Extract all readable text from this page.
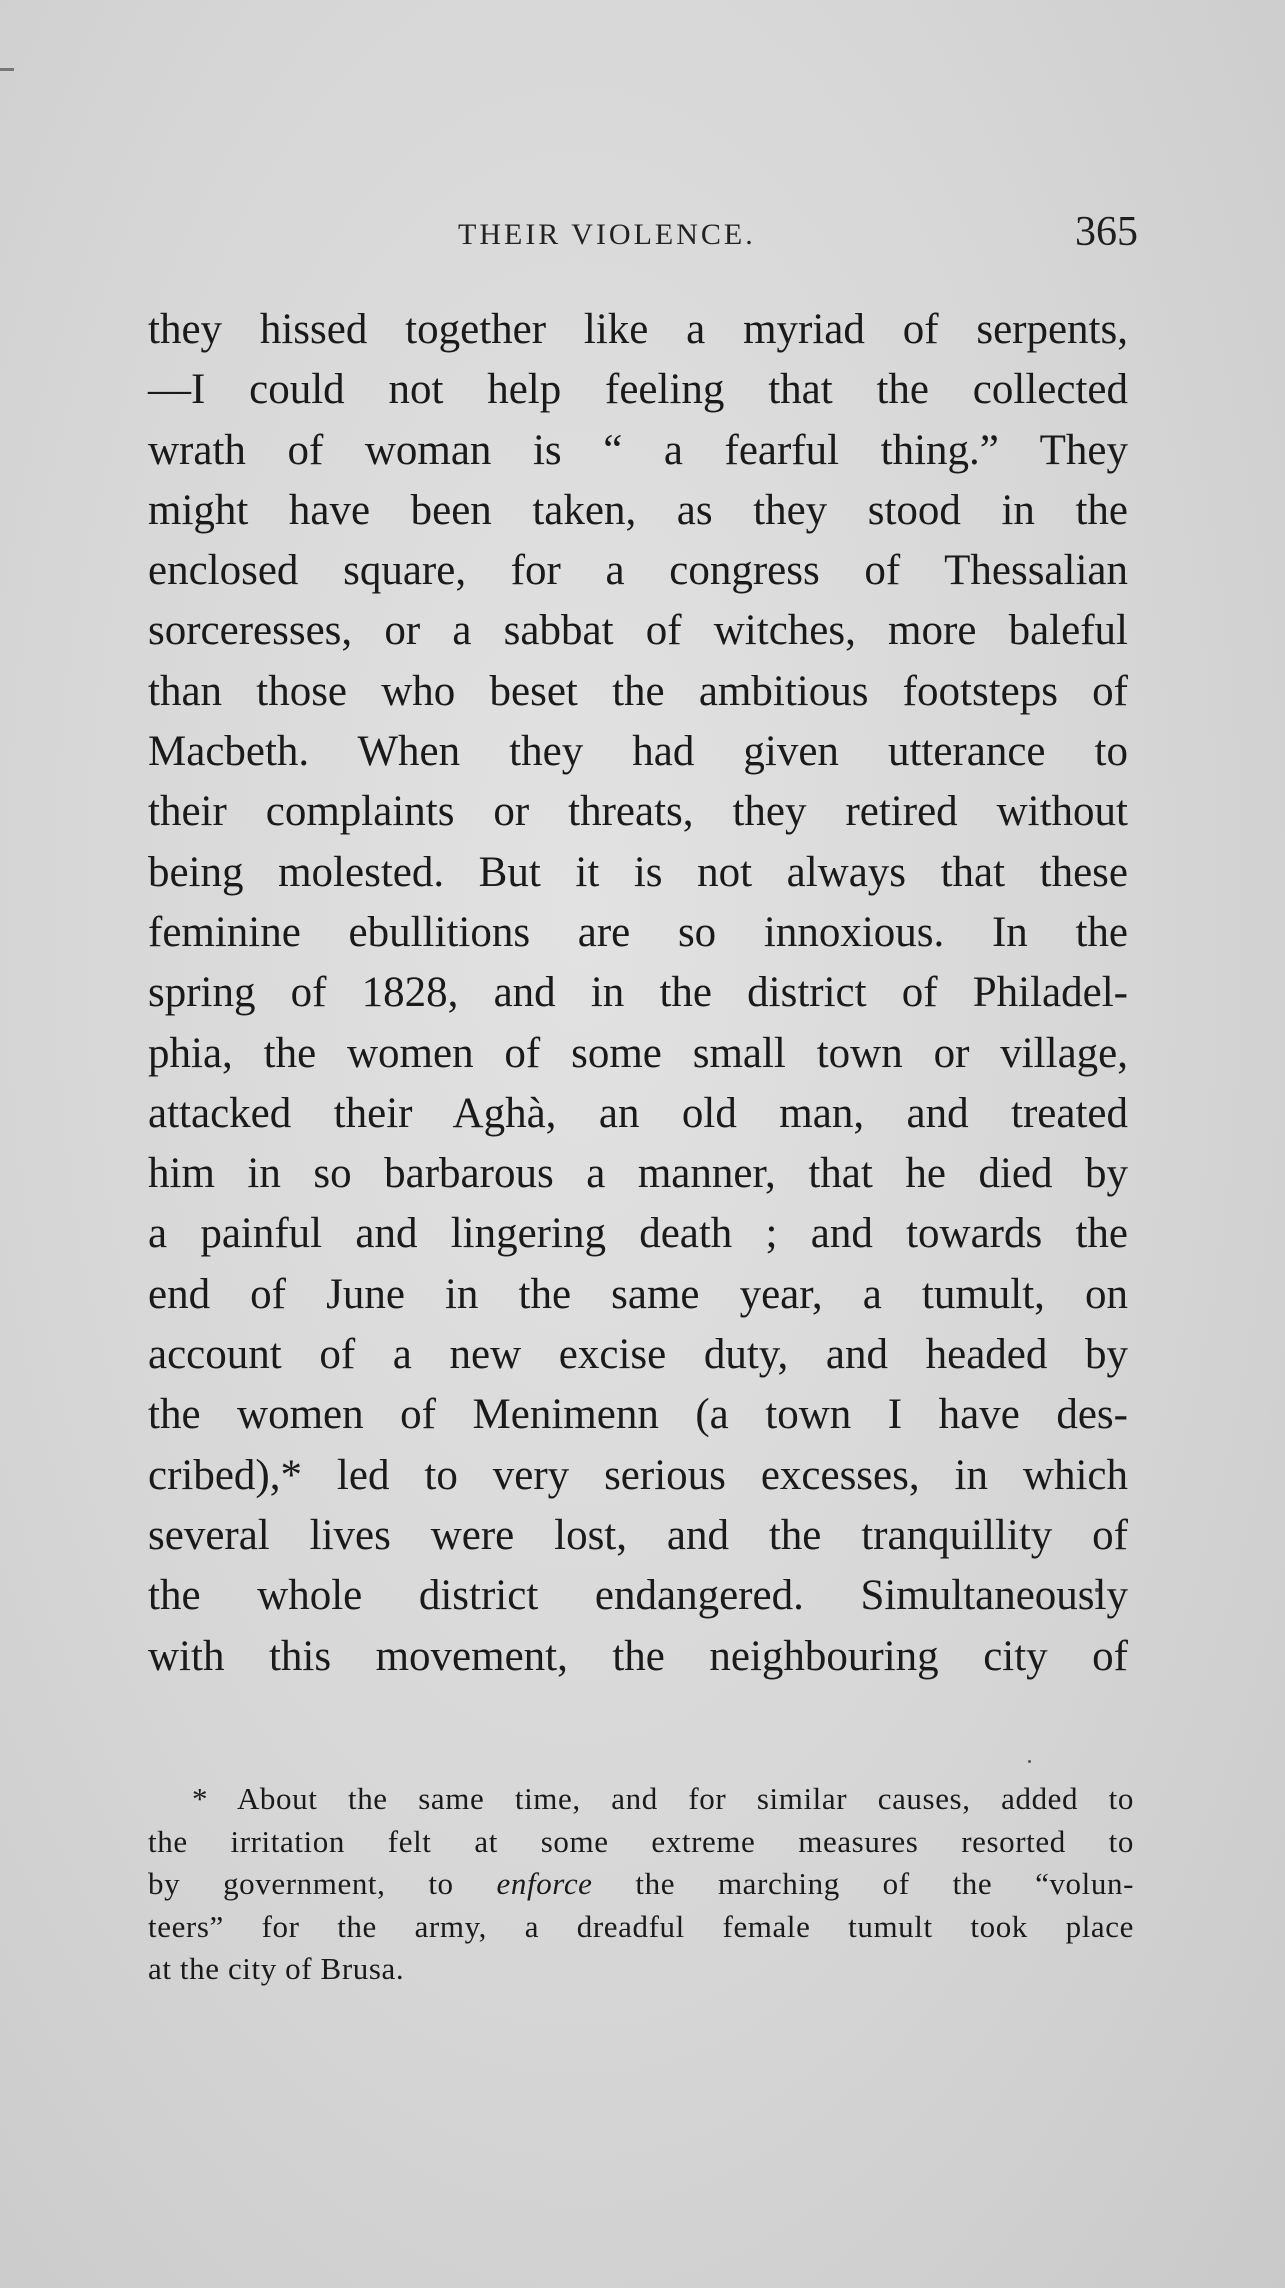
THEIR VIOLENCE.	365
they hissed together like a myriad of serpents,
—I could not help feeling that the collected
wrath of woman is “ a fearful thing.” They
might have been taken, as they stood in the
enclosed square, for a congress of Thessalian
sorceresses, or a sabbat of witches, more baleful
than those who beset the ambitious footsteps of
Macbeth. When they had given utterance to
their complaints or threats, they retired without
being molested. But it is not always that these
feminine ebullitions are so innoxious. In the
spring of 1828, and in the district of Philadel-
phia, the women of some small town or village,
attacked their Aghà, an old man, and treated
him in so barbarous a manner, that he died by
a painful and lingering death ; and towards the
end of June in the same year, a tumult, on
account of a new excise duty, and headed by
the women of Menimenn (a town I have des-
cribed),* led to very serious excesses, in which
several lives were lost, and the tranquillity of
the whole district endangered. Simultaneously
with this movement, the neighbouring city of
* About the same time, and for similar causes, added to
the irritation felt at some extreme measures resorted to
by government, to enforce the marching of the “volun-
teers” for the army, a dreadful female tumult took place
at the city of Brusa.
